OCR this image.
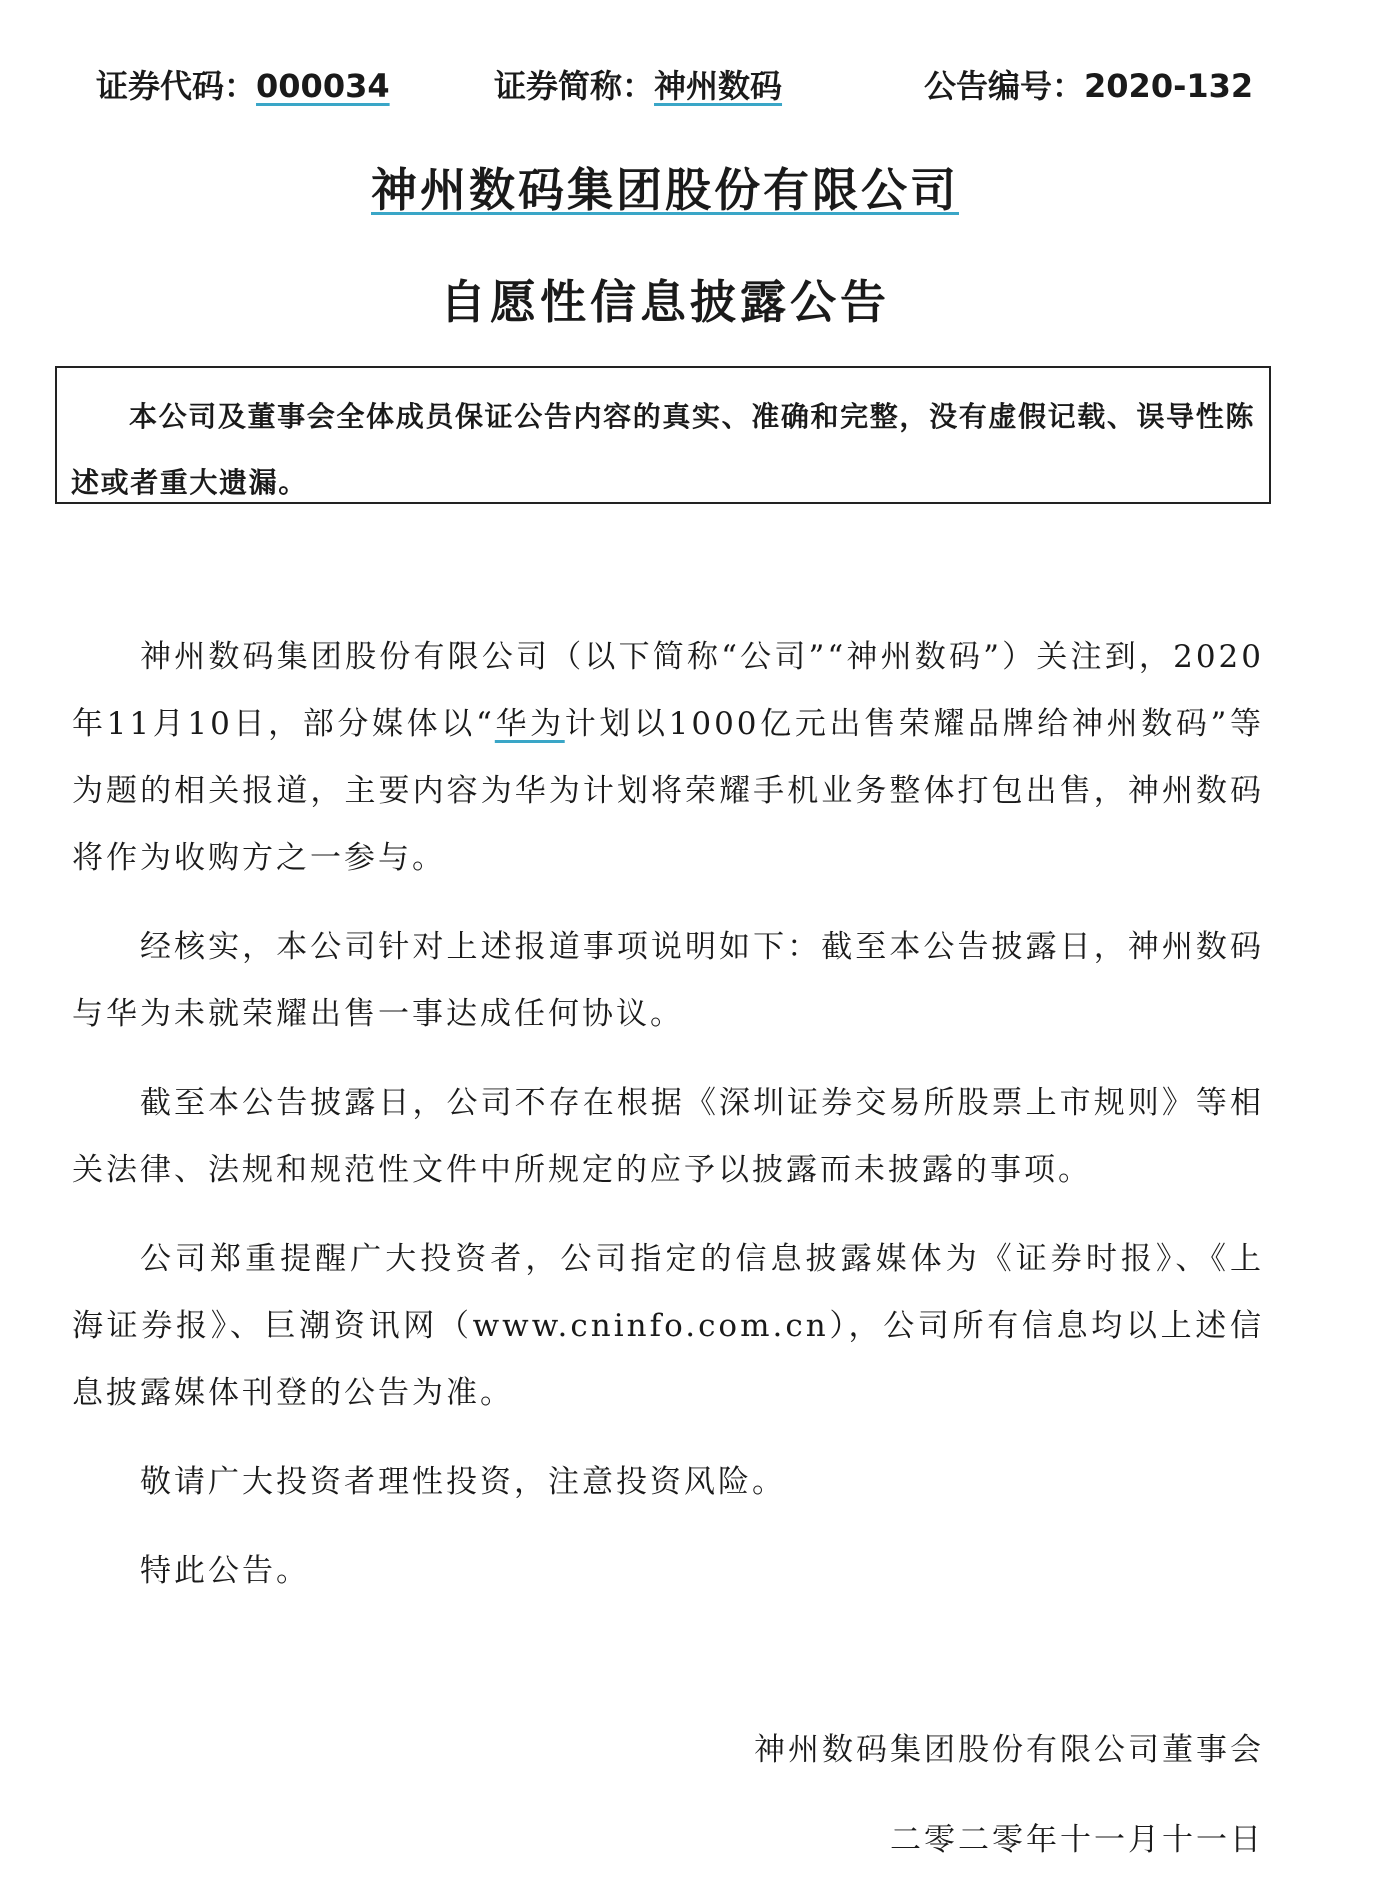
证券代码：000034	证券简称：神州数码	公告编号：2020-132
神州数码集团股份有限公司
自愿性信息披露公告
本公司及董事会全体成员保证公告内容的真实、准确和完整，没有虚假记载、误导性陈述或者重大遗漏。

神州数码集团股份有限公司（以下简称“公司”“神州数码”）关注到，2020年11月10日，部分媒体以“华为计划以1000亿元出售荣耀品牌给神州数码”等为题的相关报道，主要内容为华为计划将荣耀手机业务整体打包出售，神州数码将作为收购方之一参与。

经核实，本公司针对上述报道事项说明如下：截至本公告披露日，神州数码与华为未就荣耀出售一事达成任何协议。

截至本公告披露日，公司不存在根据《深圳证券交易所股票上市规则》等相关法律、法规和规范性文件中所规定的应予以披露而未披露的事项。

公司郑重提醒广大投资者，公司指定的信息披露媒体为《证券时报》、《上海证券报》、巨潮资讯网（www.cninfo.com.cn），公司所有信息均以上述信息披露媒体刊登的公告为准。

敬请广大投资者理性投资，注意投资风险。

特此公告。

神州数码集团股份有限公司董事会
二零二零年十一月十一日
